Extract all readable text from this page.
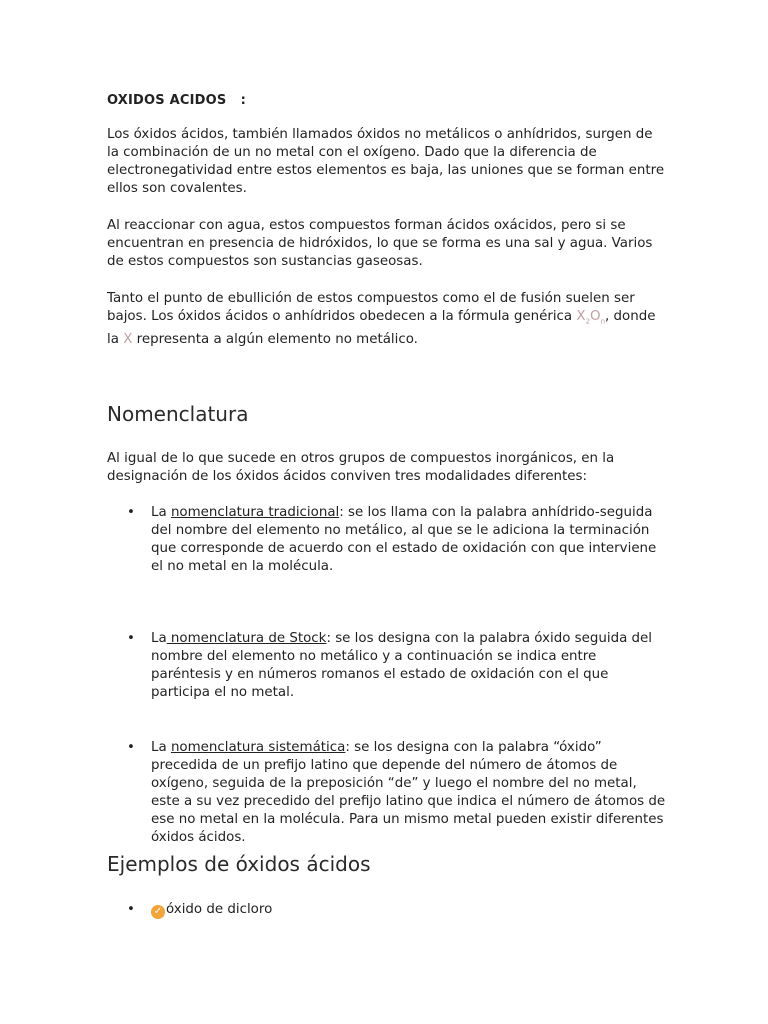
OXIDOS ACIDOS   :

Los óxidos ácidos, también llamados óxidos no metálicos o anhídridos, surgen de la combinación de un no metal con el oxígeno. Dado que la diferencia de electronegatividad entre estos elementos es baja, las uniones que se forman entre ellos son covalentes.

Al reaccionar con agua, estos compuestos forman ácidos oxácidos, pero si se encuentran en presencia de hidróxidos, lo que se forma es una sal y agua. Varios de estos compuestos son sustancias gaseosas.

Tanto el punto de ebullición de estos compuestos como el de fusión suelen ser bajos. Los óxidos ácidos o anhídridos obedecen a la fórmula genérica $X_2O_n$, donde la X representa a algún elemento no metálico.

Nomenclatura

Al igual de lo que sucede en otros grupos de compuestos inorgánicos, en la designación de los óxidos ácidos conviven tres modalidades diferentes:

•	La nomenclatura tradicional: se los llama con la palabra anhídrido-seguida del nombre del elemento no metálico, al que se le adiciona la terminación que corresponde de acuerdo con el estado de oxidación con que interviene el no metal en la molécula.
•	La nomenclatura de Stock: se los designa con la palabra óxido seguida del nombre del elemento no metálico y a continuación se indica entre paréntesis y en números romanos el estado de oxidación con el que participa el no metal.
•	La nomenclatura sistemática: se los designa con la palabra “óxido” precedida de un prefijo latino que depende del número de átomos de oxígeno, seguida de la preposición “de” y luego el nombre del no metal, este a su vez precedido del prefijo latino que indica el número de átomos de ese no metal en la molécula. Para un mismo metal pueden existir diferentes óxidos ácidos.
Ejemplos de óxidos ácidos
•	✓ óxido de dicloro
